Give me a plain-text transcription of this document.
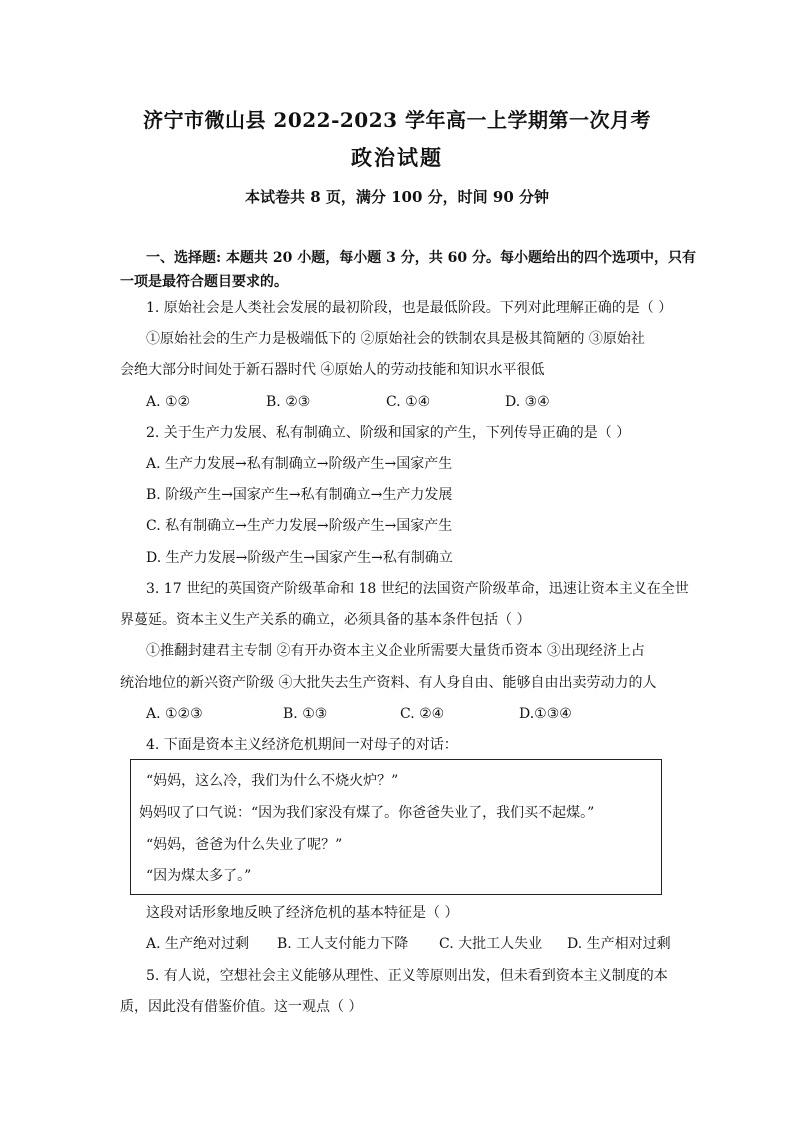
济宁市微山县 2022-2023 学年高一上学期第一次月考
政治试题
本试卷共 8 页，满分 100 分，时间 90 分钟
一、选择题: 本题共 20 小题，每小题 3 分，共 60 分。每小题给出的四个选项中，只有
一项是最符合题目要求的。
1. 原始社会是人类社会发展的最初阶段，也是最低阶段。下列对此理解正确的是（ ）
①原始社会的生产力是极端低下的 ②原始社会的铁制农具是极其简陋的 ③原始社
会绝大部分时间处于新石器时代 ④原始人的劳动技能和知识水平很低
A. ①②	B. ②③	C. ①④	D. ③④
2. 关于生产力发展、私有制确立、阶级和国家的产生，下列传导正确的是（ ）
A. 生产力发展→私有制确立→阶级产生→国家产生
B. 阶级产生→国家产生→私有制确立→生产力发展
C. 私有制确立→生产力发展→阶级产生→国家产生
D. 生产力发展→阶级产生→国家产生→私有制确立
3. 17 世纪的英国资产阶级革命和 18 世纪的法国资产阶级革命，迅速让资本主义在全世
界蔓延。资本主义生产关系的确立，必须具备的基本条件包括（ ）
①推翻封建君主专制 ②有开办资本主义企业所需要大量货币资本 ③出现经济上占
统治地位的新兴资产阶级 ④大批失去生产资料、有人身自由、能够自由出卖劳动力的人
A. ①②③	B. ①③	C. ②④	D.①③④
4. 下面是资本主义经济危机期间一对母子的对话：
“妈妈，这么冷，我们为什么不烧火炉？”
妈妈叹了口气说：“因为我们家没有煤了。你爸爸失业了，我们买不起煤。”
“妈妈，爸爸为什么失业了呢？”
“因为煤太多了。”
这段对话形象地反映了经济危机的基本特征是（ ）
A. 生产绝对过剩 B. 工人支付能力下降 C. 大批工人失业 D. 生产相对过剩
5. 有人说，空想社会主义能够从理性、正义等原则出发，但未看到资本主义制度的本
质，因此没有借鉴价值。这一观点（ ）
